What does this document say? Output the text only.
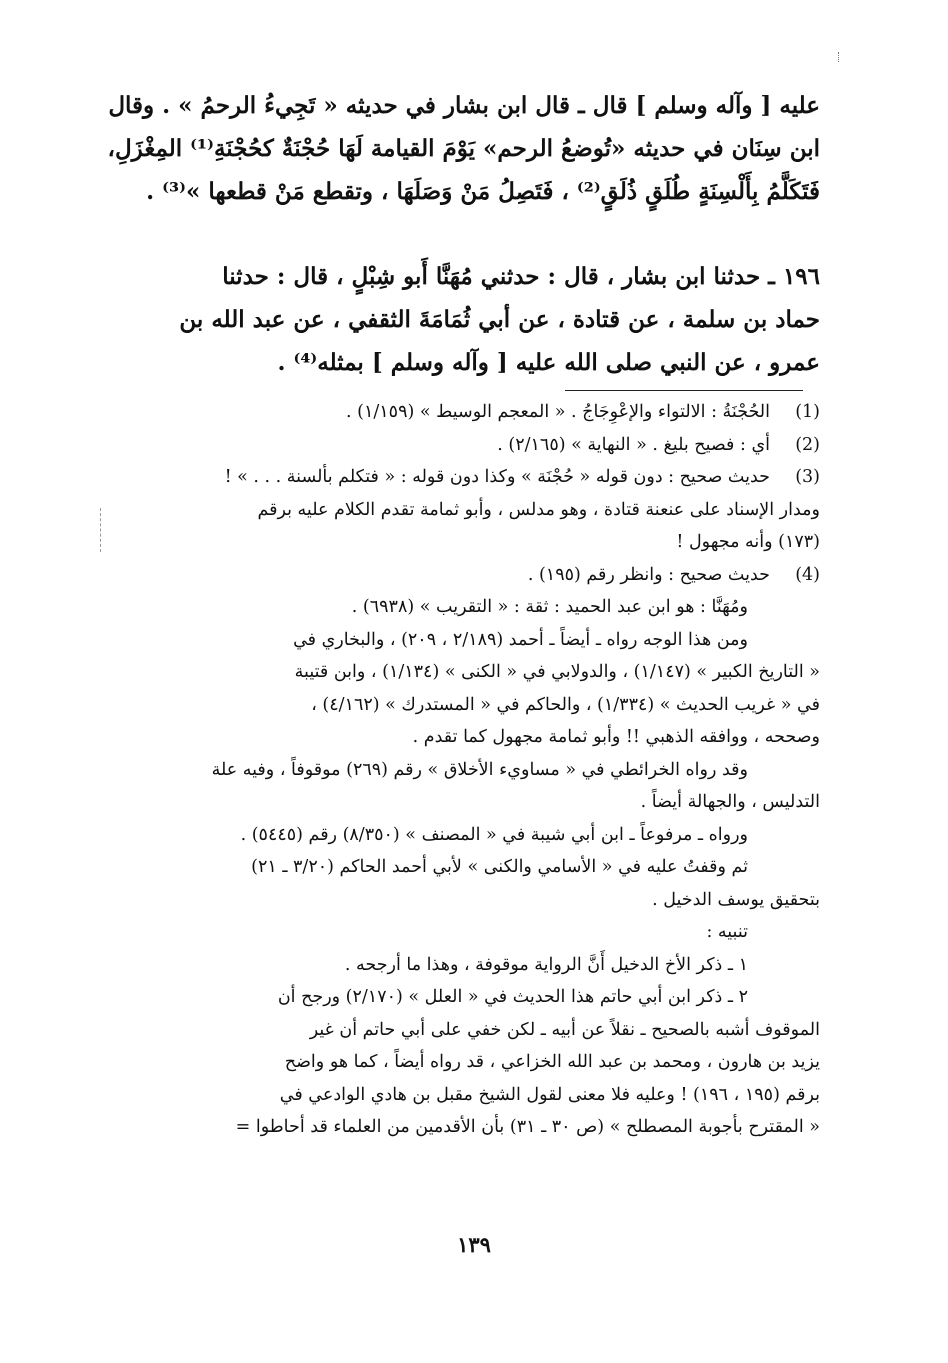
عليه [ وآله وسلم ] قال ـ قال ابن بشار في حديثه « تَجِيءُ الرحمُ » . وقال

ابن سِنَان في حديثه «تُوضعُ الرحم» يَوْمَ القيامة لَهَا حُجْنَةٌ كحُجْنَةِ⁽¹⁾ المِغْزَلِ،

فَتَكَلَّمُ بِأَلْسِنَةٍ طُلَقٍ ذُلَقٍ⁽²⁾ ، فَتَصِلُ مَنْ وَصَلَهَا ، وتقطع مَنْ قطعها »⁽³⁾ .

١٩٦ ـ حدثنا ابن بشار ، قال : حدثني مُهَنَّا أَبو شِبْلٍ ، قال : حدثنا

حماد بن سلمة ، عن قتادة ، عن أبي ثُمَامَةَ الثقفي ، عن عبد الله بن

عمرو ، عن النبي صلى الله عليه [ وآله وسلم ] بمثله⁽⁴⁾ .

(1)
الحُجْنَةُ : الالتواء والإعْوِجَاجُ . « المعجم الوسيط » (١/١٥٩) .
(2)
أي : فصيح بليغ . « النهاية » (٢/١٦٥) .
(3)
حديث صحيح : دون قوله « حُجْنَة » وكذا دون قوله : « فتكلم بألسنة . . . » !
ومدار الإسناد على عنعنة قتادة ، وهو مدلس ، وأبو ثمامة تقدم الكلام عليه برقم
(١٧٣) وأنه مجهول !
(4)
حديث صحيح : وانظر رقم (١٩٥) .
ومُهَنَّا : هو ابن عبد الحميد : ثقة : « التقريب » (٦٩٣٨) .
ومن هذا الوجه رواه ـ أيضاً ـ أحمد (٢/١٨٩ ، ٢٠٩) ، والبخاري في
« التاريخ الكبير » (١/١٤٧) ، والدولابي في « الكنى » (١/١٣٤) ، وابن قتيبة
في « غريب الحديث » (١/٣٣٤) ، والحاكم في « المستدرك » (٤/١٦٢) ،
وصححه ، ووافقه الذهبي !! وأبو ثمامة مجهول كما تقدم .
وقد رواه الخرائطي في « مساويء الأخلاق » رقم (٢٦٩) موقوفاً ، وفيه علة
التدليس ، والجهالة أيضاً .
ورواه ـ مرفوعاً ـ ابن أبي شيبة في « المصنف » (٨/٣٥٠) رقم (٥٤٤٥) .
ثم وقفتُ عليه في « الأسامي والكنى » لأبي أحمد الحاكم (٣/٢٠ ـ ٢١)
بتحقيق يوسف الدخيل .
تنبيه :
١ ـ ذكر الأخ الدخيل أَنَّ الرواية موقوفة ، وهذا ما أرجحه .
٢ ـ ذكر ابن أبي حاتم هذا الحديث في « العلل » (٢/١٧٠) ورجح أن
الموقوف أشبه بالصحيح ـ نقلاً عن أبيه ـ لكن خفي على أبي حاتم أن غير
يزيد بن هارون ، ومحمد بن عبد الله الخزاعي ، قد رواه أيضاً ، كما هو واضح
برقم (١٩٥ ، ١٩٦) ! وعليه فلا معنى لقول الشيخ مقبل بن هادي الوادعي في
« المقترح بأجوبة المصطلح » (ص ٣٠ ـ ٣١) بأن الأقدمين من العلماء قد أحاطوا =
١٣٩
